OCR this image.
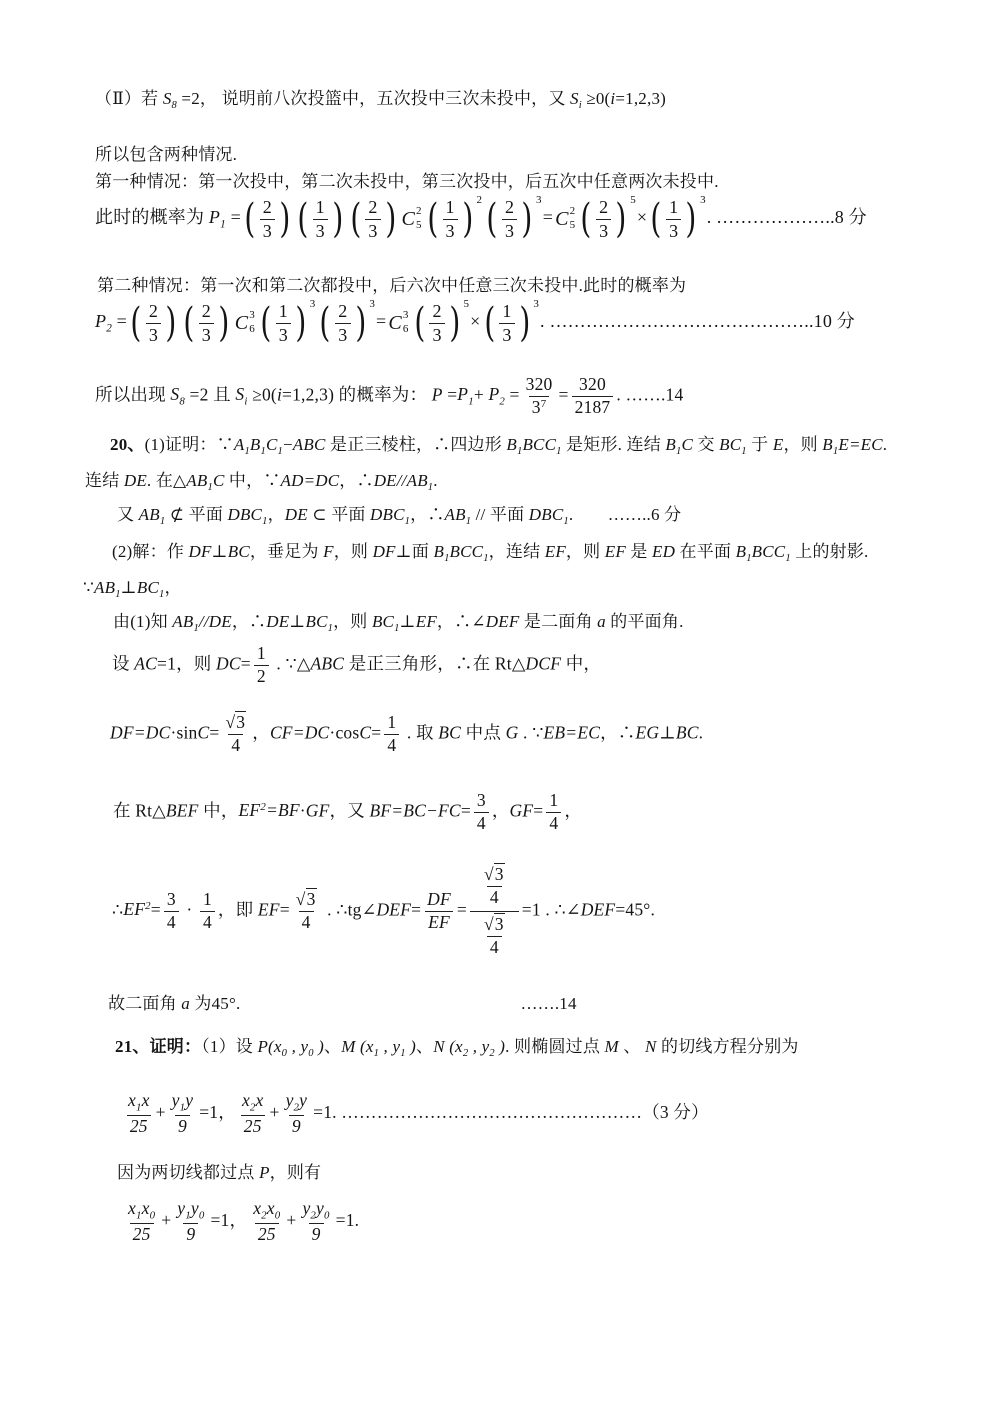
（Ⅱ）若 $S_8 =2$， 说明前八次投篮中，五次投中三次未投中，又 $S_i \ge 0(i=1,2,3)$
所以包含两种情况.
第一种情况：第一次投中，第二次未投中，第三次投中，后五次中任意两次未投中.
此时的概率为 $P_1$ = ( $\frac{2}{3}$ ) ( $\frac{1}{3}$ ) ( $\frac{2}{3}$ ) C 2
5 ( $\frac{1}{3}$ ) 2 ( $\frac{2}{3}$ ) 3
= C 2
5 ( $\frac{2}{3}$ ) 5
× ( $\frac{1}{3}$ ) 3
. ………………..8 分
第二种情况：第一次和第二次都投中，后六次中任意三次未投中.此时的概率为
$P_2$ = ( $\frac{2}{3}$ ) ( $\frac{2}{3}$ ) C 3
6 ( $\frac{1}{3}$ ) 3 ( $\frac{2}{3}$ ) 3
= C 3
6 ( $\frac{2}{3}$ ) 5
× ( $\frac{1}{3}$ ) 3
. ……………………………………..10 分
所以出现 $S_8 =2$ 且 $S_i \ge 0(i=1,2,3)$ 的概率为： $P =P_1+ P_2 = \frac{320}{3^7} = \frac{320}{2187}$ . …….14
20、(1)证明：$\because A_1B_1C_1-ABC$ 是正三棱柱，∴四边形 $B_1BCC_1$ 是矩形. 连结 $B_1C$ 交 $BC_1$ 于 E，则 $B_1E=EC$.
连结 DE. 在$\triangle AB_1C$ 中，∵AD=DC，$\therefore DE//AB_1$.
又 $AB_1$ ⊄ 平面 $DBC_1$，DE ⊂ 平面 $DBC_1$，$\therefore AB_1$ // 平面 $DBC_1$.　　……..6 分
(2)解：作 DF⊥BC，垂足为 F，则 DF⊥面 $B_1BCC_1$，连结 EF，则 EF 是 ED 在平面 $B_1BCC_1$ 上的射影.
$\because AB_1\perp BC_1$，
由(1)知 $AB_1//DE$，$\therefore DE\perp BC_1$，则 $BC_1\perp EF$，∴∠DEF 是二面角 a 的平面角.
设 AC=1，则 $DC= \frac{1}{2}$ . ∵△ABC 是正三角形，∴在 Rt△DCF 中，
$DF=DC\cdot\sin C= \frac{√3}{4}$ ，$CF=DC\cdot\cos C= \frac{1}{4}$ . 取 BC 中点 G . ∵EB=EC，∴EG⊥BC.
在 Rt△BEF 中，$EF^2=BF\cdot GF$，又 $BF=BC-FC= \frac{3}{4}$ ，$GF= \frac{1}{4}$ ，
$\therefore EF^2= \frac{3}{4} \cdot \frac{1}{4}$ ，即 $EF= \frac{√3}{4}$ . ∴tg∠DEF= $\frac{DF}{EF} = \frac{\frac{√3}{4}}{\frac{√3}{4}} =1$ . ∴∠DEF=45°.
故二面角 a 为45°.	…….14
21、证明：（1）设 $P(x_0$ , $y_0$ )、M ($x_1$ , $y_1$ )、N ($x_2$ , $y_2$ ). 则椭圆过点 M 、 N 的切线方程分别为
$\frac{x_1x}{25} + \frac{y_1y}{9} =1$， $\frac{x_2x}{25} + \frac{y_2y}{9} =1$. ……………………………………………（3 分）
因为两切线都过点 P，则有
$\frac{x_1x_0}{25} + \frac{y_1y_0}{9} =1$， $\frac{x_2x_0}{25} + \frac{y_2y_0}{9} =1$.
